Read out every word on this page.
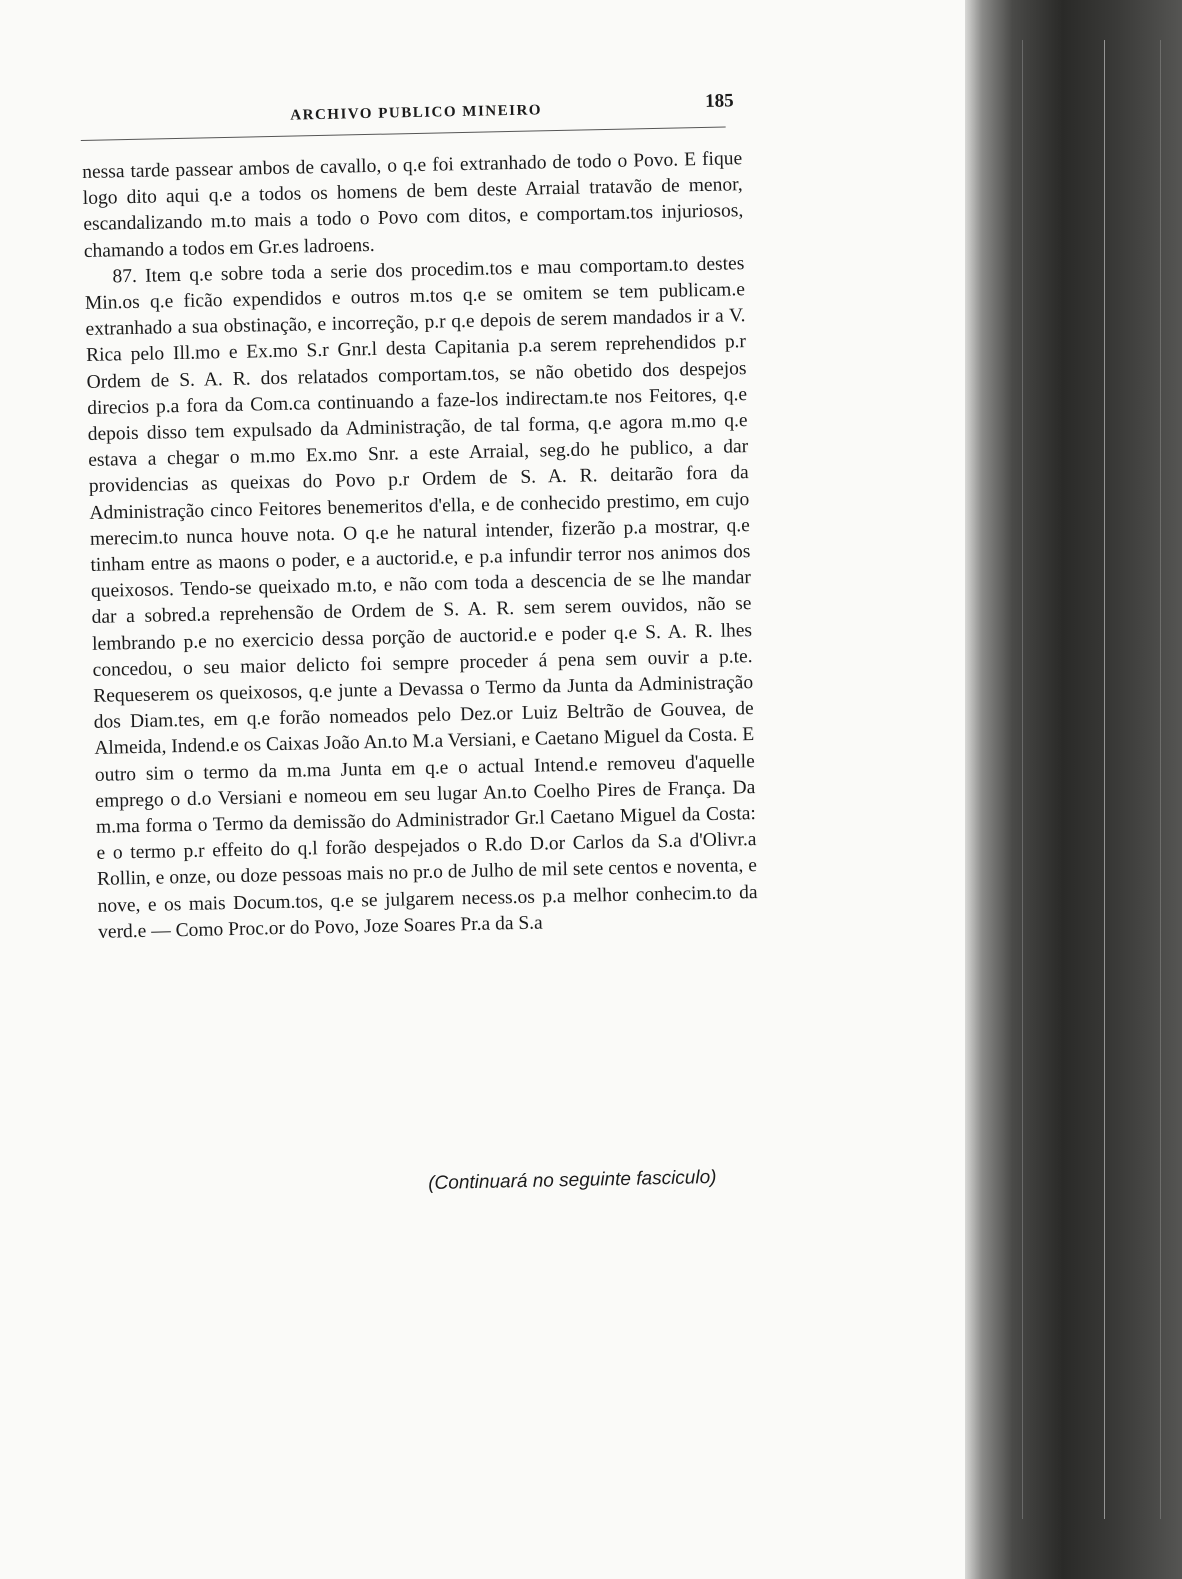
ARCHIVO PUBLICO MINEIRO
185

nessa tarde passear ambos de cavallo, o q.e foi extranhado de todo o Povo. E fique logo dito aqui q.e a todos os homens de bem deste Arraial tratavão de menor, escandalizando m.to mais a todo o Povo com ditos, e comportam.tos injuriosos, chamando a todos em Gr.es ladroens.

87. Item q.e sobre toda a serie dos procedim.tos e mau comportam.to destes Min.os q.e ficão expendidos e outros m.tos q.e se omitem se tem publicam.e extranhado a sua obstinação, e incorreção, p.r q.e depois de serem mandados ir a V. Rica pelo Ill.mo e Ex.mo S.r Gnr.l desta Capitania p.a serem reprehendidos p.r Ordem de S. A. R. dos relatados comportam.tos, se não obetido dos despejos direcios p.a fora da Com.ca continuando a faze-los indirectam.te nos Feitores, q.e depois disso tem expulsado da Administração, de tal forma, q.e agora m.mo q.e estava a chegar o m.mo Ex.mo Snr. a este Arraial, seg.do he publico, a dar providencias as queixas do Povo p.r Ordem de S. A. R. deitarão fora da Administração cinco Feitores benemeritos d'ella, e de conhecido prestimo, em cujo merecim.to nunca houve nota. O q.e he natural intender, fizerão p.a mostrar, q.e tinham entre as maons o poder, e a auctorid.e, e p.a infundir terror nos animos dos queixosos. Tendo-se queixado m.to, e não com toda a descencia de se lhe mandar dar a sobred.a reprehensão de Ordem de S. A. R. sem serem ouvidos, não se lembrando p.e no exercicio dessa porção de auctorid.e e poder q.e S. A. R. lhes concedou, o seu maior delicto foi sempre proceder á pena sem ouvir a p.te. Requeserem os queixosos, q.e junte a Devassa o Termo da Junta da Administração dos Diam.tes, em q.e forão nomeados pelo Dez.or Luiz Beltrão de Gouvea, de Almeida, Indend.e os Caixas João An.to M.a Versiani, e Caetano Miguel da Costa. E outro sim o termo da m.ma Junta em q.e o actual Intend.e removeu d'aquelle emprego o d.o Versiani e nomeou em seu lugar An.to Coelho Pires de França. Da m.ma forma o Termo da demissão do Administrador Gr.l Caetano Miguel da Costa: e o termo p.r effeito do q.l forão despejados o R.do D.or Carlos da S.a d'Olivr.a Rollin, e onze, ou doze pessoas mais no pr.o de Julho de mil sete centos e noventa, e nove, e os mais Docum.tos, q.e se julgarem necess.os p.a melhor conhecim.to da verd.e — Como Proc.or do Povo, Joze Soares Pr.a da S.a

(Continuará no seguinte fasciculo)
